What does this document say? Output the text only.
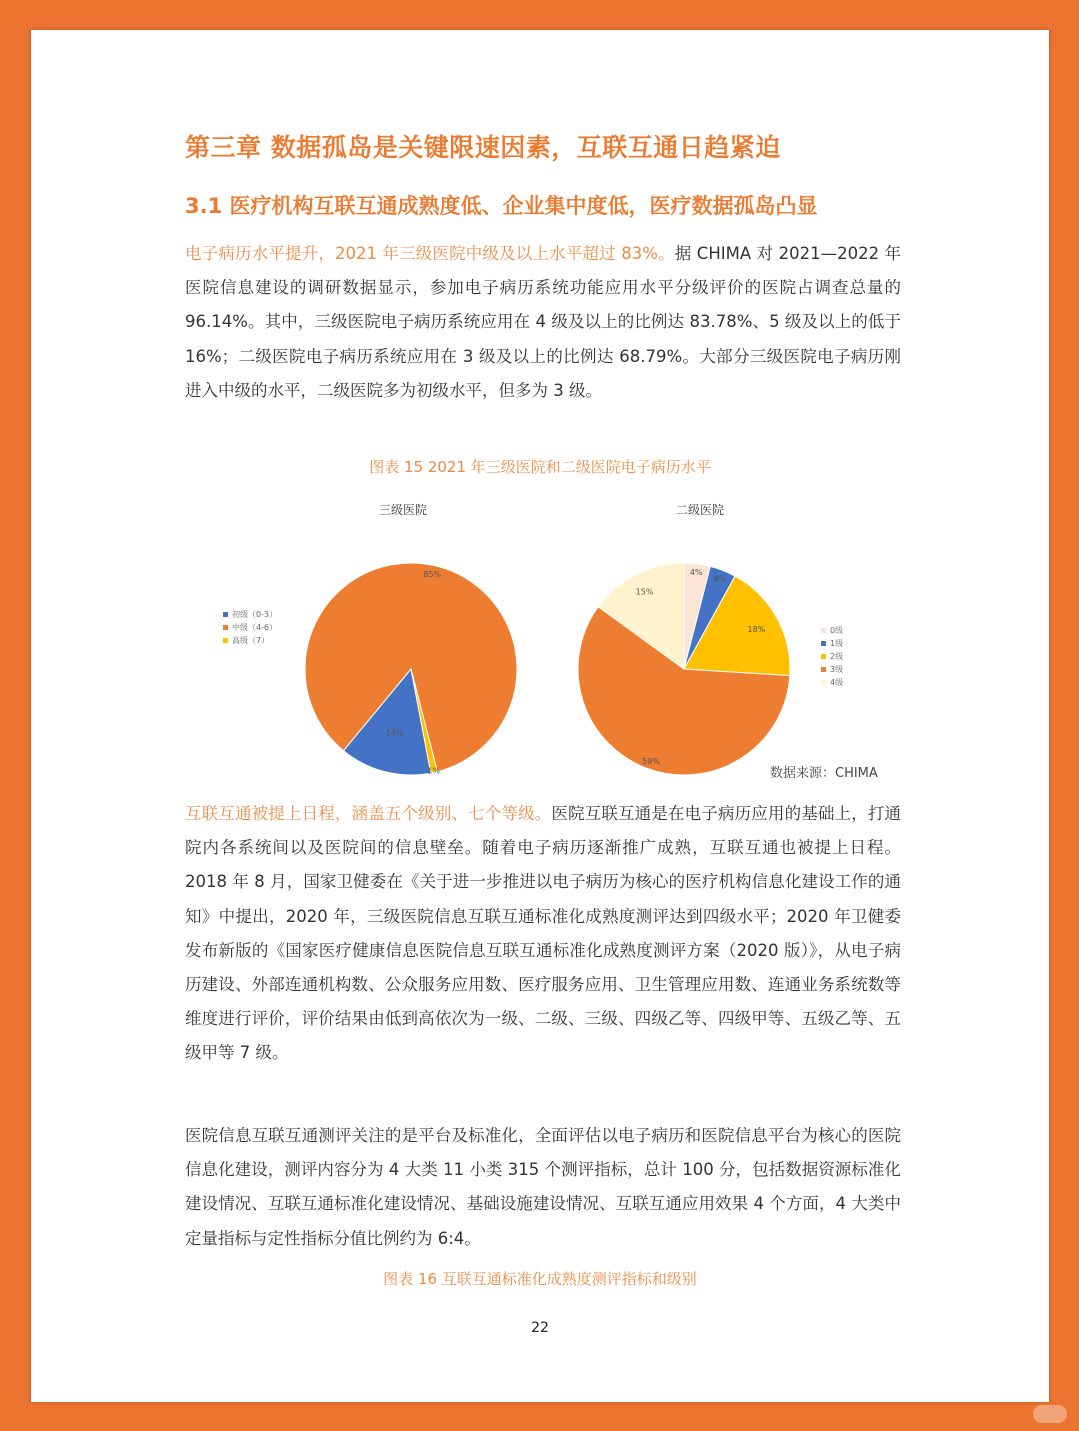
第三章 数据孤岛是关键限速因素，互联互通日趋紧迫
3.1 医疗机构互联互通成熟度低、企业集中度低，医疗数据孤岛凸显
电子病历水平提升，2021 年三级医院中级及以上水平超过 83%。据 CHIMA 对 2021—2022 年医院信息建设的调研数据显示，参加电子病历系统功能应用水平分级评价的医院占调查总量的 96.14%。其中，三级医院电子病历系统应用在 4 级及以上的比例达 83.78%、5 级及以上的低于 16%；二级医院电子病历系统应用在 3 级及以上的比例达 68.79%。大部分三级医院电子病历刚进入中级的水平，二级医院多为初级水平，但多为 3 级。
图表 15 2021 年三级医院和二级医院电子病历水平
三级医院
14%
85%
1%
初级（0-3）
中级（4-6）
高级（7）
二级医院
4%
4%
18%
59%
15%
0级
1级
2级
3级
4级
数据来源：CHIMA
互联互通被提上日程，涵盖五个级别、七个等级。医院互联互通是在电子病历应用的基础上，打通院内各系统间以及医院间的信息壁垒。随着电子病历逐渐推广成熟，互联互通也被提上日程。2018 年 8 月，国家卫健委在《关于进一步推进以电子病历为核心的医疗机构信息化建设工作的通知》中提出，2020 年，三级医院信息互联互通标准化成熟度测评达到四级水平；2020 年卫健委发布新版的《国家医疗健康信息医院信息互联互通标准化成熟度测评方案（2020 版）》，从电子病历建设、外部连通机构数、公众服务应用数、医疗服务应用、卫生管理应用数、连通业务系统数等维度进行评价，评价结果由低到高依次为一级、二级、三级、四级乙等、四级甲等、五级乙等、五级甲等 7 级。
医院信息互联互通测评关注的是平台及标准化，全面评估以电子病历和医院信息平台为核心的医院信息化建设，测评内容分为 4 大类 11 小类 315 个测评指标，总计 100 分，包括数据资源标准化建设情况、互联互通标准化建设情况、基础设施建设情况、互联互通应用效果 4 个方面，4 大类中定量指标与定性指标分值比例约为 6:4。
图表 16 互联互通标准化成熟度测评指标和级别
22
